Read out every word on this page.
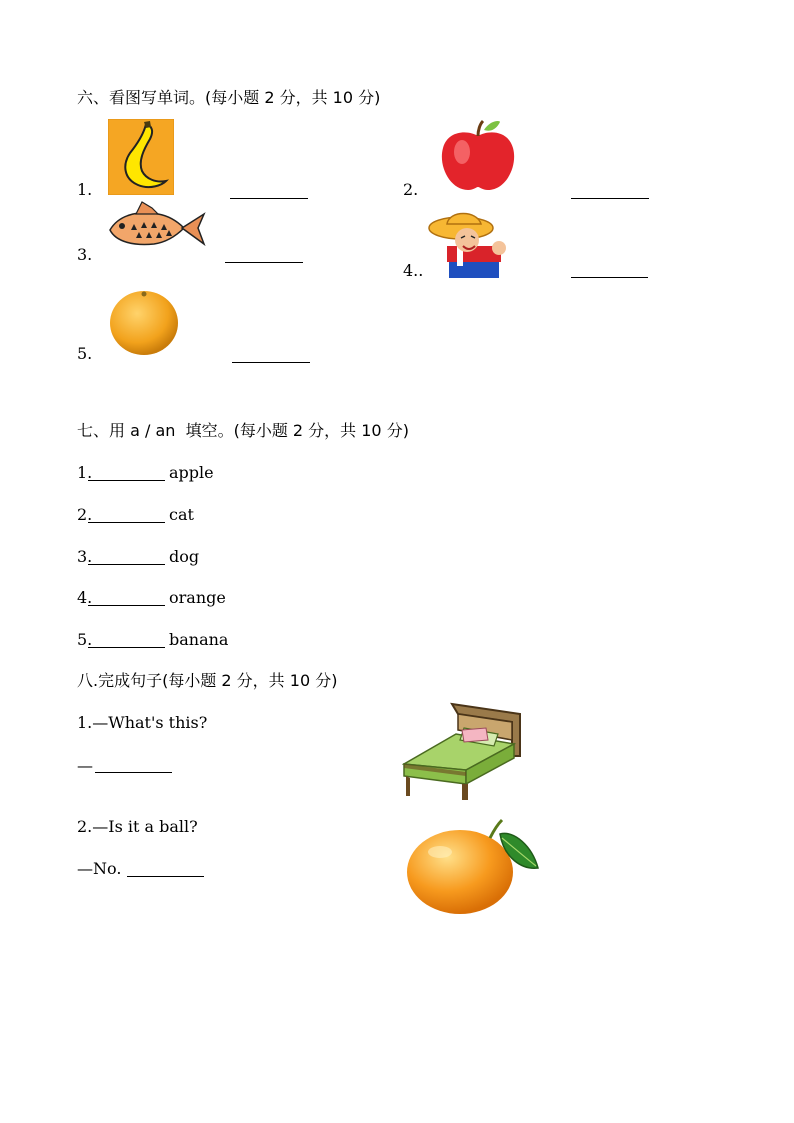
六、看图写单词。(每小题 2 分，共 10 分)
1.	2.
3.
4..
5.
七、用 a / an  填空。(每小题 2 分，共 10 分)
1.	apple
2.	cat
3.	dog
4.	orange
5.	banana
八.完成句子(每小题 2 分，共 10 分)
1.—What's this?
—
2.—Is it a ball?
—No.
